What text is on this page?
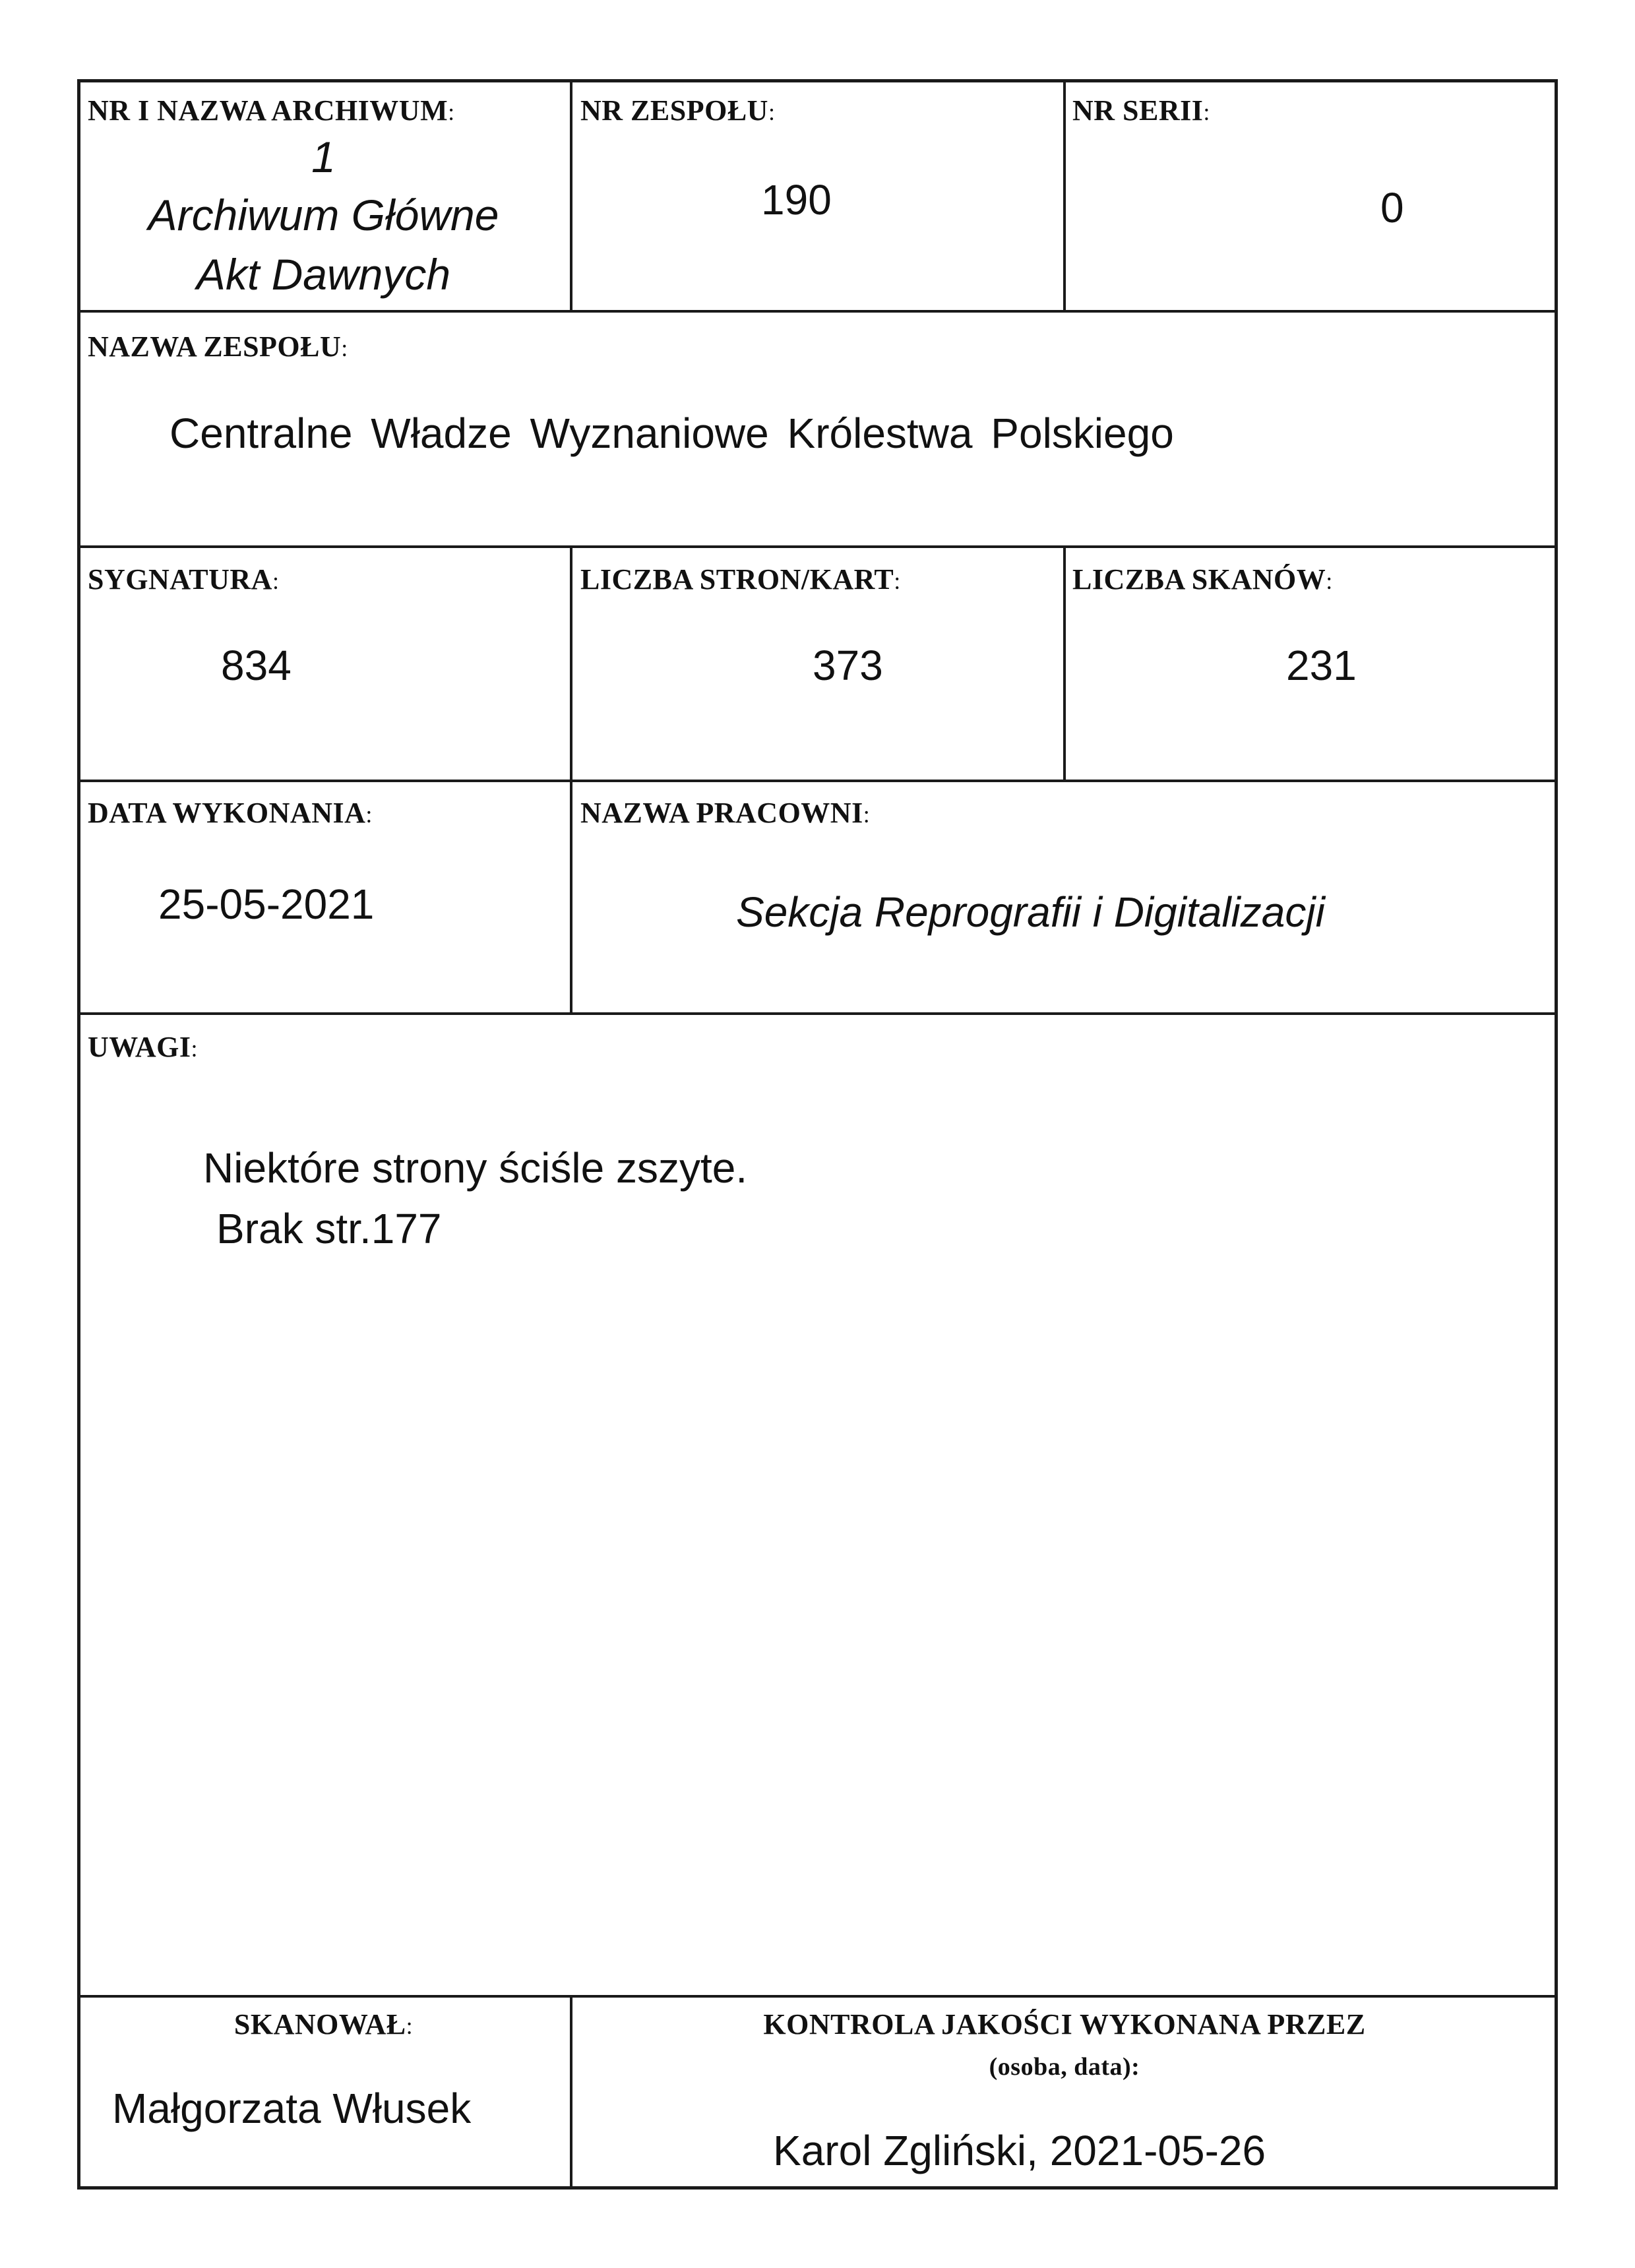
NR I NAZWA ARCHIWUM:
1
Archiwum Główne
Akt Dawnych
NR ZESPOŁU:
190
NR SERII:
0
NAZWA ZESPOŁU:
Centralne Władze Wyznaniowe Królestwa Polskiego
SYGNATURA:
834
LICZBA STRON/KART:
373
LICZBA SKANÓW:
231
DATA WYKONANIA:
25-05-2021
NAZWA PRACOWNI:
Sekcja Reprografii i Digitalizacji
UWAGI:
Niektóre strony ściśle zszyte.
Brak str.177
SKANOWAŁ:
Małgorzata Włusek
KONTROLA JAKOŚCI WYKONANA PRZEZ
(osoba, data):
Karol Zgliński, 2021-05-26
